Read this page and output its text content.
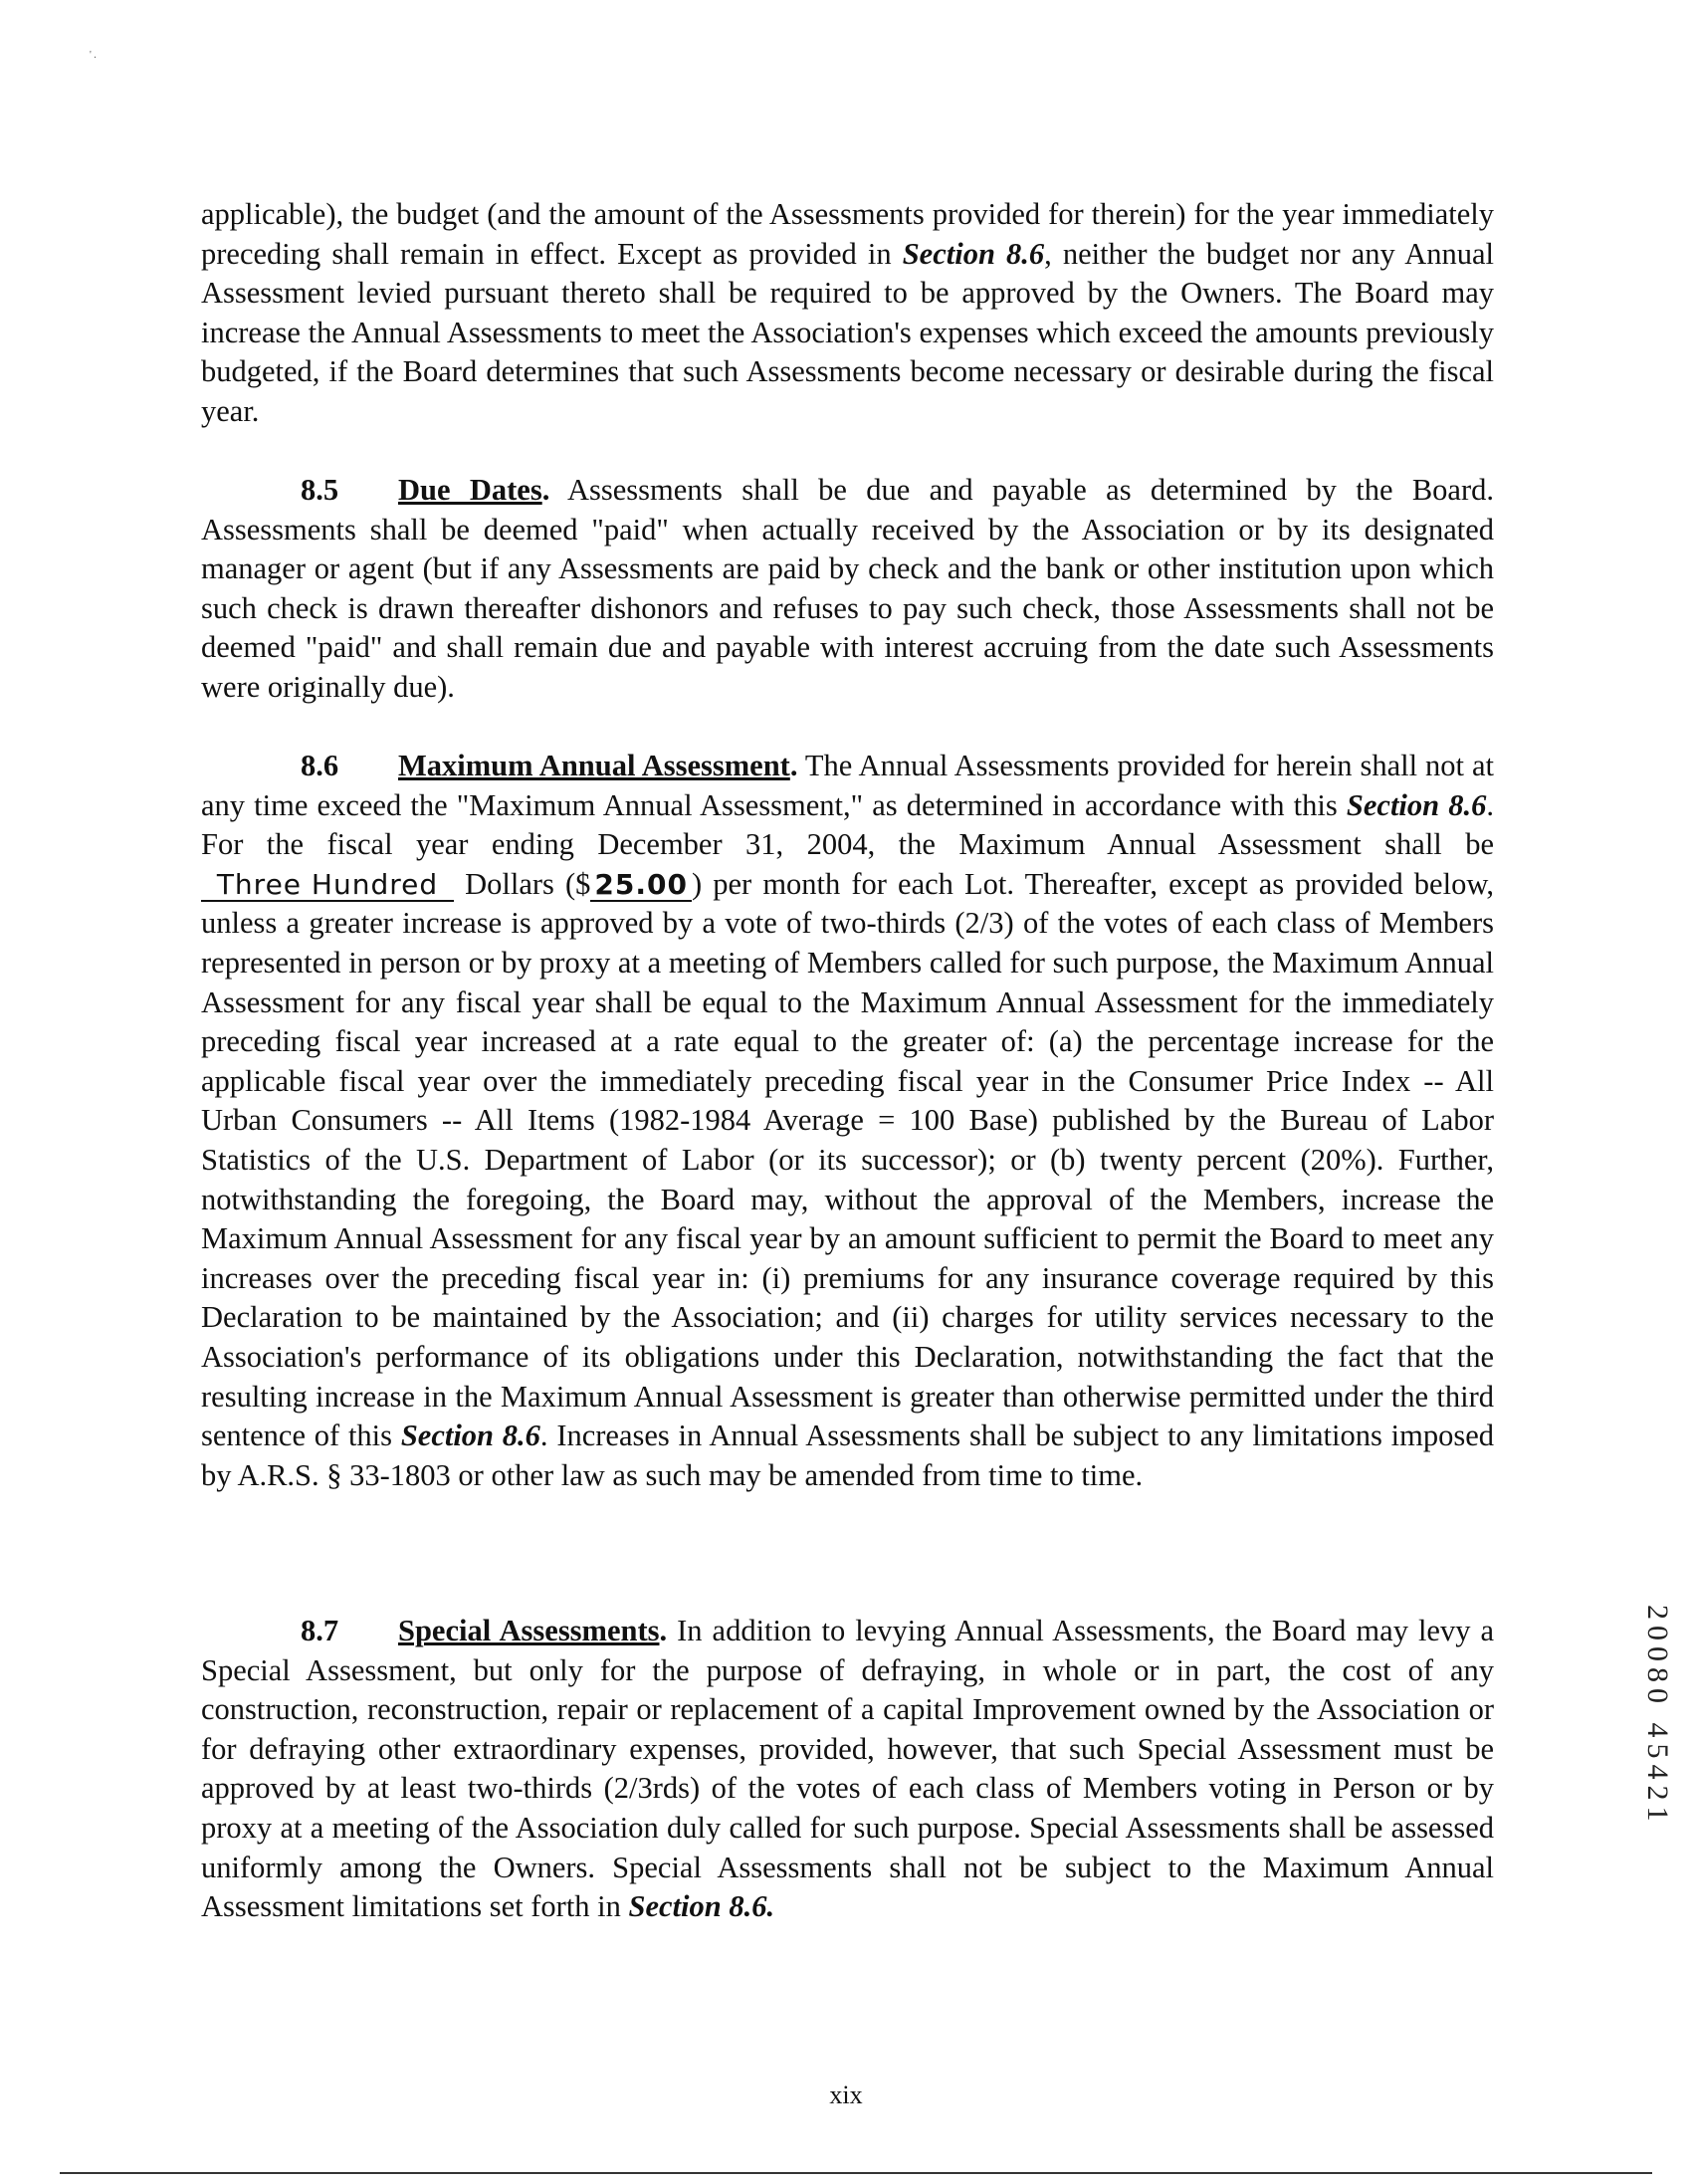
' .

applicable), the budget (and the amount of the Assessments provided for therein) for the year immediately preceding shall remain in effect. Except as provided in Section 8.6, neither the budget nor any Annual Assessment levied pursuant thereto shall be required to be approved by the Owners. The Board may increase the Annual Assessments to meet the Association's expenses which exceed the amounts previously budgeted, if the Board determines that such Assessments become necessary or desirable during the fiscal year.

8.5 Due Dates. Assessments shall be due and payable as determined by the Board. Assessments shall be deemed "paid" when actually received by the Association or by its designated manager or agent (but if any Assessments are paid by check and the bank or other institution upon which such check is drawn thereafter dishonors and refuses to pay such check, those Assessments shall not be deemed "paid" and shall remain due and payable with interest accruing from the date such Assessments were originally due).

8.6 Maximum Annual Assessment. The Annual Assessments provided for herein shall not at any time exceed the "Maximum Annual Assessment," as determined in accordance with this Section 8.6. For the fiscal year ending December 31, 2004, the Maximum Annual Assessment shall be Three Hundred Dollars ($ 25.00 ) per month for each Lot. Thereafter, except as provided below, unless a greater increase is approved by a vote of two-thirds (2/3) of the votes of each class of Members represented in person or by proxy at a meeting of Members called for such purpose, the Maximum Annual Assessment for any fiscal year shall be equal to the Maximum Annual Assessment for the immediately preceding fiscal year increased at a rate equal to the greater of: (a) the percentage increase for the applicable fiscal year over the immediately preceding fiscal year in the Consumer Price Index -- All Urban Consumers -- All Items (1982-1984 Average = 100 Base) published by the Bureau of Labor Statistics of the U.S. Department of Labor (or its successor); or (b) twenty percent (20%). Further, notwithstanding the foregoing, the Board may, without the approval of the Members, increase the Maximum Annual Assessment for any fiscal year by an amount sufficient to permit the Board to meet any increases over the preceding fiscal year in: (i) premiums for any insurance coverage required by this Declaration to be maintained by the Association; and (ii) charges for utility services necessary to the Association's performance of its obligations under this Declaration, notwithstanding the fact that the resulting increase in the Maximum Annual Assessment is greater than otherwise permitted under the third sentence of this Section 8.6. Increases in Annual Assessments shall be subject to any limitations imposed by A.R.S. § 33-1803 or other law as such may be amended from time to time.

8.7 Special Assessments. In addition to levying Annual Assessments, the Board may levy a Special Assessment, but only for the purpose of defraying, in whole or in part, the cost of any construction, reconstruction, repair or replacement of a capital Improvement owned by the Association or for defraying other extraordinary expenses, provided, however, that such Special Assessment must be approved by at least two-thirds (2/3rds) of the votes of each class of Members voting in Person or by proxy at a meeting of the Association duly called for such purpose. Special Assessments shall be assessed uniformly among the Owners. Special Assessments shall not be subject to the Maximum Annual Assessment limitations set forth in Section 8.6.

20080 45421
xix
